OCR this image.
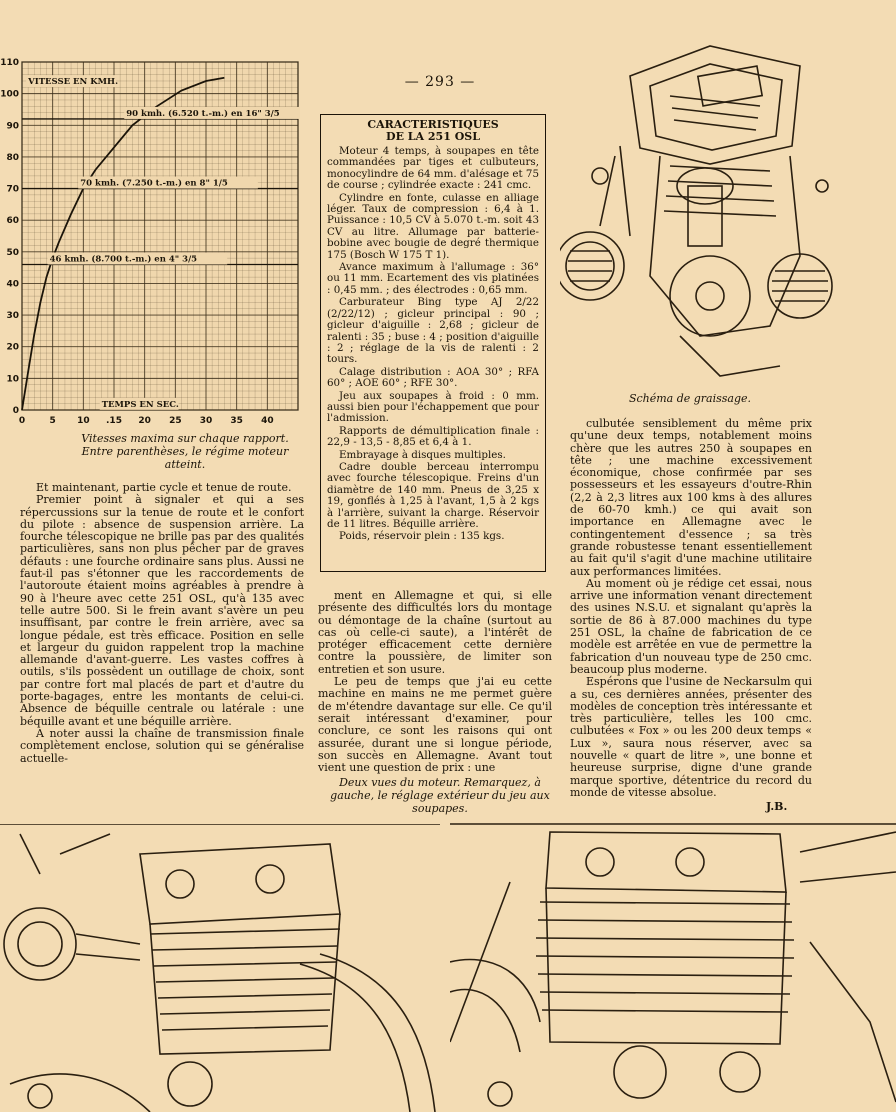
— 293 —
0	5 10 .15 20 25 30 35 40
0
10
20
30
40
50
60
70
80
90
100
110
VITESSE EN KMH.
90 kmh. (6.520 t.-m.) en 16" 3/5
70 kmh. (7.250 t.-m.) en 8" 1/5
46 kmh. (8.700 t.-m.) en 4" 3/5
TEMPS EN SEC.
Vitesses maxima sur chaque rapport. Entre parenthèses, le régime moteur atteint.
CARACTERISTIQUES
DE LA 251 OSL

Moteur 4 temps, à soupapes en tête commandées par tiges et culbuteurs, monocylindre de 64 mm. d'alésage et 75 de course ; cylindrée exacte : 241 cmc.

Cylindre en fonte, culasse en alliage léger. Taux de compression : 6,4 à 1. Puissance : 10,5 CV à 5.070 t.-m. soit 43 CV au litre. Allumage par batterie-bobine avec bougie de degré thermique 175 (Bosch W 175 T 1).

Avance maximum à l'allumage : 36° ou 11 mm. Ecartement des vis platinées : 0,45 mm. ; des électrodes : 0,65 mm.

Carburateur Bing type AJ 2/22 (2/22/12) ; gicleur principal : 90 ; gicleur d'aiguille : 2,68 ; gicleur de ralenti : 35 ; buse : 4 ; position d'aiguille : 2 ; réglage de la vis de ralenti : 2 tours.

Calage distribution : AOA 30° ; RFA 60° ; AOE 60° ; RFE 30°.

Jeu aux soupapes à froid : 0 mm. aussi bien pour l'échappement que pour l'admission.

Rapports de démultiplication finale : 22,9 - 13,5 - 8,85 et 6,4 à 1.

Embrayage à disques multiples.

Cadre double berceau interrompu avec fourche télescopique. Freins d'un diamètre de 140 mm. Pneus de 3,25 x 19, gonflés à 1,25 à l'avant, 1,5 à 2 kgs à l'arrière, suivant la charge. Réservoir de 11 litres. Béquille arrière.

Poids, réservoir plein : 135 kgs.

Et maintenant, partie cycle et tenue de route.

Premier point à signaler et qui a ses répercussions sur la tenue de route et le confort du pilote : absence de suspension arrière. La fourche télescopique ne brille pas par des qualités particulières, sans non plus pêcher par de graves défauts : une fourche ordinaire sans plus. Aussi ne faut-il pas s'étonner que les raccordements de l'autoroute étaient moins agréables à prendre à 90 à l'heure avec cette 251 OSL, qu'à 135 avec telle autre 500. Si le frein avant s'avère un peu insuffisant, par contre le frein arrière, avec sa longue pédale, est très efficace. Position en selle et largeur du guidon rappelent trop la machine allemande d'avant-guerre. Les vastes coffres à outils, s'ils possèdent un outillage de choix, sont par contre fort mal placés de part et d'autre du porte-bagages, entre les montants de celui-ci. Absence de béquille centrale ou latérale : une béquille avant et une béquille arrière.

A noter aussi la chaîne de transmission finale complètement enclose, solution qui se généralise actuelle-

ment en Allemagne et qui, si elle présente des difficultés lors du montage ou démontage de la chaîne (surtout au cas où celle-ci saute), a l'intérêt de protéger efficacement cette dernière contre la poussière, de limiter son entretien et son usure.

Le peu de temps que j'ai eu cette machine en mains ne me permet guère de m'étendre davantage sur elle. Ce qu'il serait intéressant d'examiner, pour conclure, ce sont les raisons qui ont assurée, durant une si longue période, son succès en Allemagne. Avant tout vient une question de prix : une

culbutée sensiblement du même prix qu'une deux temps, notablement moins chère que les autres 250 à soupapes en tête ; une machine excessivement économique, chose confirmée par ses possesseurs et les essayeurs d'outre-Rhin (2,2 à 2,3 litres aux 100 kms à des allures de 60-70 kmh.) ce qui avait son importance en Allemagne avec le contingentement d'essence ; sa très grande robustesse tenant essentiellement au fait qu'il s'agit d'une machine utilitaire aux performances limitées.

Au moment où je rédige cet essai, nous arrive une information venant directement des usines N.S.U. et signalant qu'après la sortie de 86 à 87.000 machines du type 251 OSL, la chaîne de fabrication de ce modèle est arrêtée en vue de permettre la fabrication d'un nouveau type de 250 cmc. beaucoup plus moderne.

Espérons que l'usine de Neckarsulm qui a su, ces dernières années, présenter des modèles de conception très intéressante et très particulière, telles les 100 cmc. culbutées « Fox » ou les 200 deux temps « Lux », saura nous réserver, avec sa nouvelle « quart de litre », une bonne et heureuse surprise, digne d'une grande marque sportive, détentrice du record du monde de vitesse absolue.

Deux vues du moteur. Remarquez, à gauche, le réglage extérieur du jeu aux soupapes.
Schéma de graissage.
J.B.
